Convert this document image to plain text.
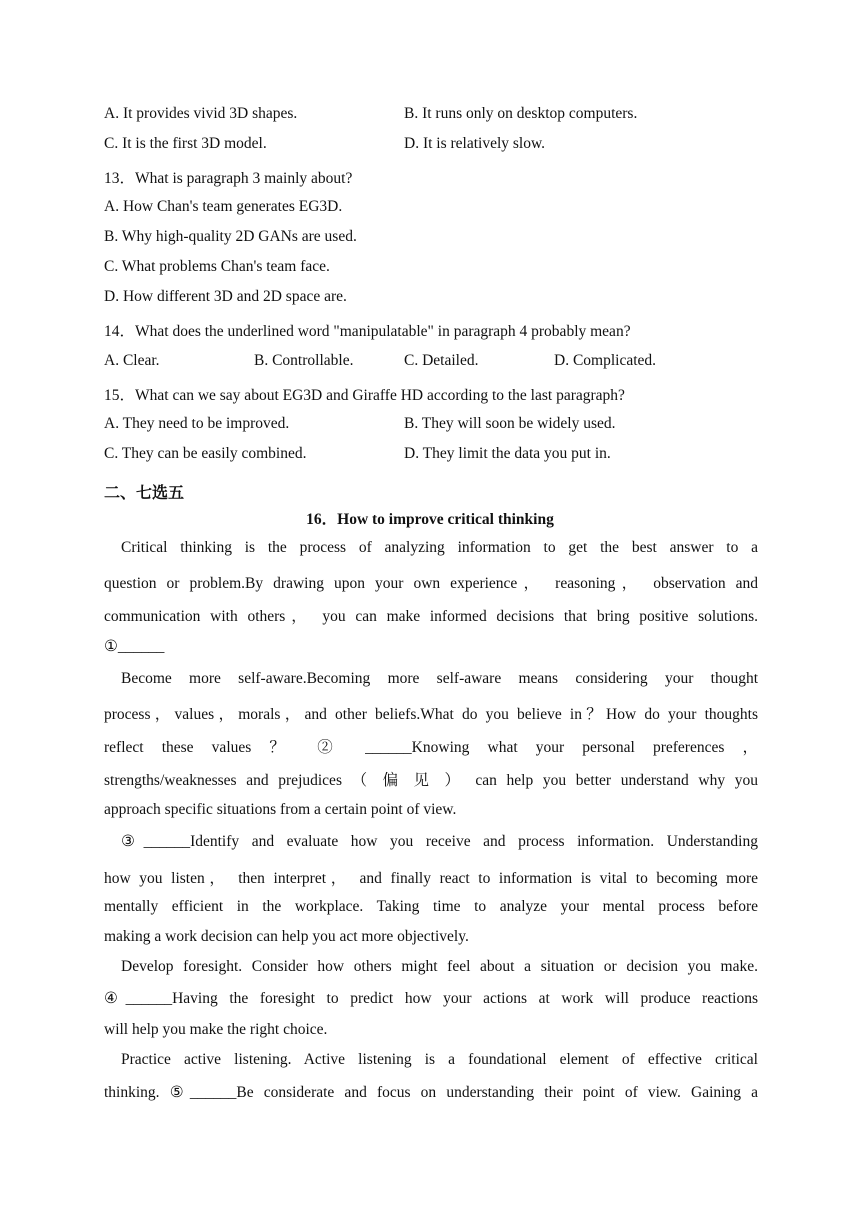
A. It provides vivid 3D shapes.	B. It runs only on desktop computers.
C. It is the first 3D model.	D. It is relatively slow.
13．What is paragraph 3 mainly about?
A. How Chan's team generates EG3D.
B. Why high-quality 2D GANs are used.
C. What problems Chan's team face.
D. How different 3D and 2D space are.
14．What does the underlined word "manipulatable" in paragraph 4 probably mean?
A. Clear.	B. Controllable.	C. Detailed.	D. Complicated.
15．What can we say about EG3D and Giraffe HD according to the last paragraph?
A. They need to be improved.	B. They will soon be widely used.
C. They can be easily combined.	D. They limit the data you put in.
二、七选五
16．How to improve critical thinking
Critical thinking is the process of analyzing information to get the best answer to a
question or problem.By drawing upon your own experience， reasoning， observation and
communication with others， you can make informed decisions that bring positive solutions.
①______
Become more self-aware.Becoming more self-aware means considering your thought
process，values，morals，and other beliefs.What do you believe in？How do your thoughts
reflect these values ？ ② ______Knowing what your personal preferences ，
strengths/weaknesses and prejudices （ 偏 见 ） can help you better understand why you
approach specific situations from a certain point of view.
③______Identify and evaluate how you receive and process information. Understanding
how you listen， then interpret， and finally react to information is vital to becoming more
mentally efficient in the workplace. Taking time to analyze your mental process before
making a work decision can help you act more objectively.
Develop foresight. Consider how others might feel about a situation or decision you make.
④______Having the foresight to predict how your actions at work will produce reactions
will help you make the right choice.
Practice active listening. Active listening is a foundational element of effective critical
thinking. ⑤______Be considerate and focus on understanding their point of view. Gaining a
